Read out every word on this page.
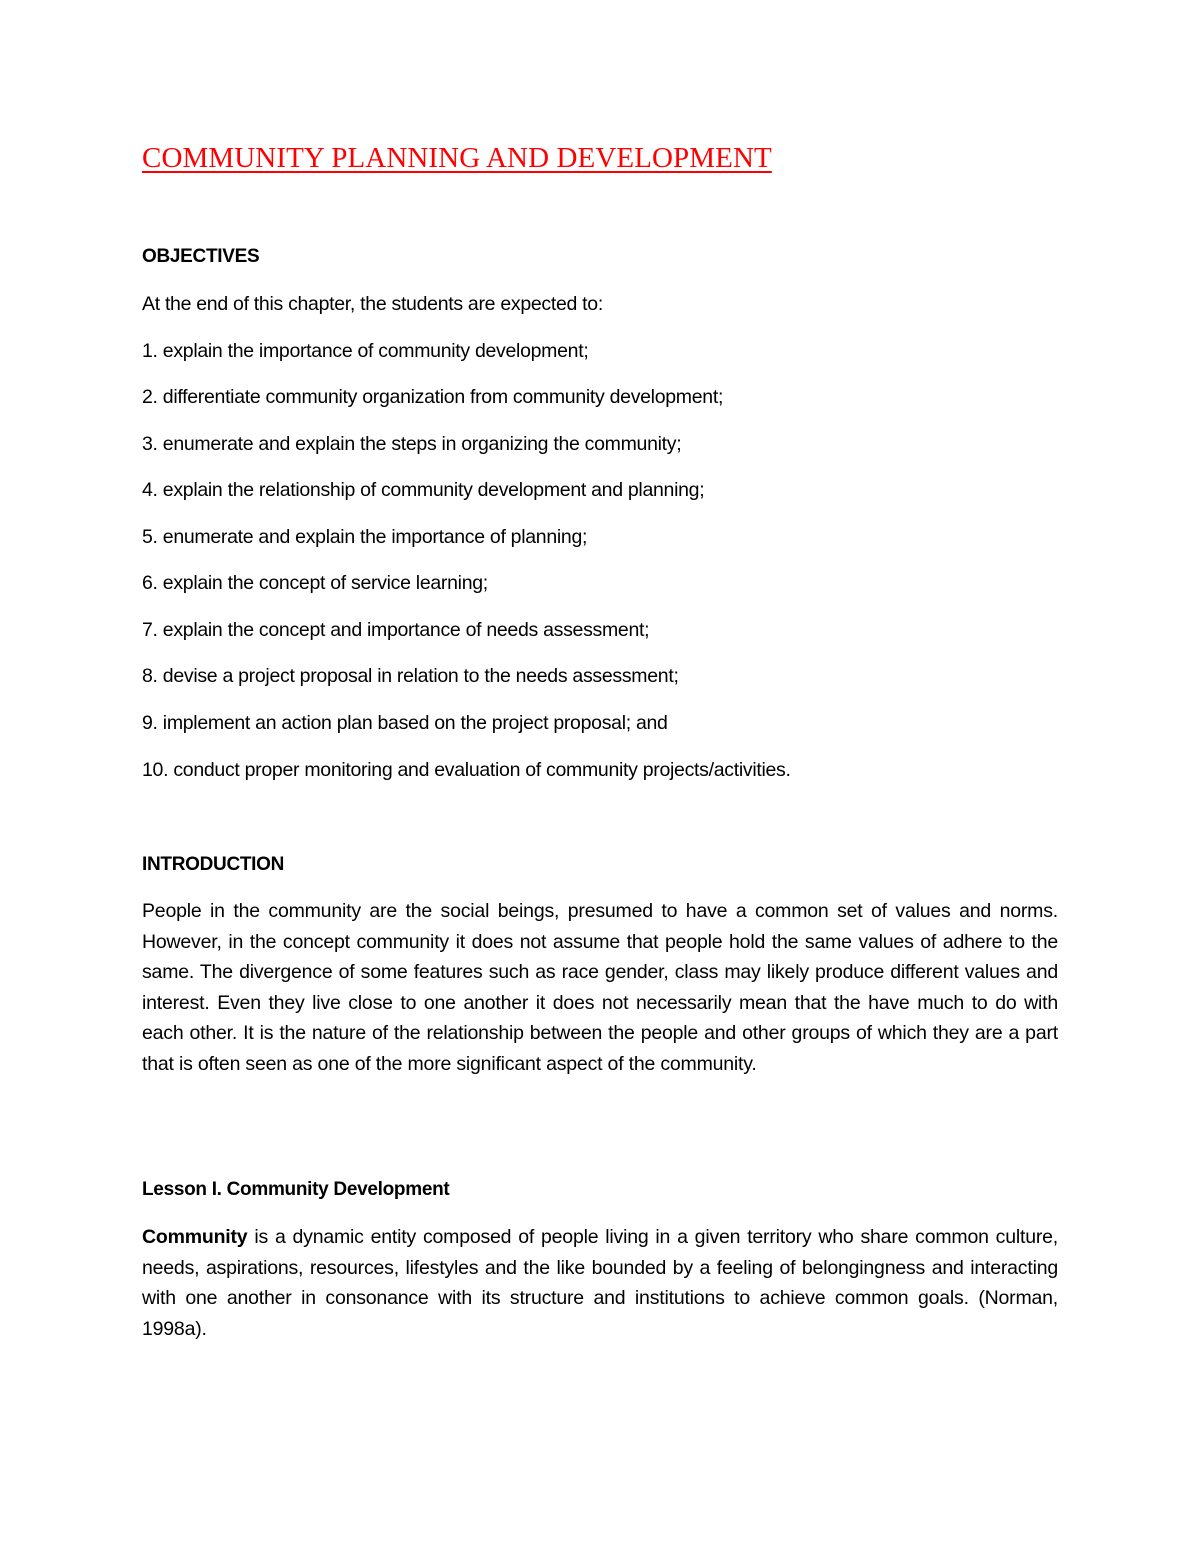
COMMUNITY PLANNING AND DEVELOPMENT
OBJECTIVES
At the end of this chapter, the students are expected to:
1. explain the importance of community development;
2. differentiate community organization from community development;
3. enumerate and explain the steps in organizing the community;
4. explain the relationship of community development and planning;
5. enumerate and explain the importance of planning;
6. explain the concept of service learning;
7. explain the concept and importance of needs assessment;
8. devise a project proposal in relation to the needs assessment;
9. implement an action plan based on the project proposal; and
10. conduct proper monitoring and evaluation of community projects/activities.
INTRODUCTION

People in the community are the social beings, presumed to have a common set of values and norms. However, in the concept community it does not assume that people hold the same values of adhere to the same. The divergence of some features such as race gender, class may likely produce different values and interest. Even they live close to one another it does not necessarily mean that the have much to do with each other. It is the nature of the relationship between the people and other groups of which they are a part that is often seen as one of the more significant aspect of the community.

Lesson I. Community Development

Community is a dynamic entity composed of people living in a given territory who share common culture, needs, aspirations, resources, lifestyles and the like bounded by a feeling of belongingness and interacting with one another in consonance with its structure and institutions to achieve common goals. (Norman, 1998a).
